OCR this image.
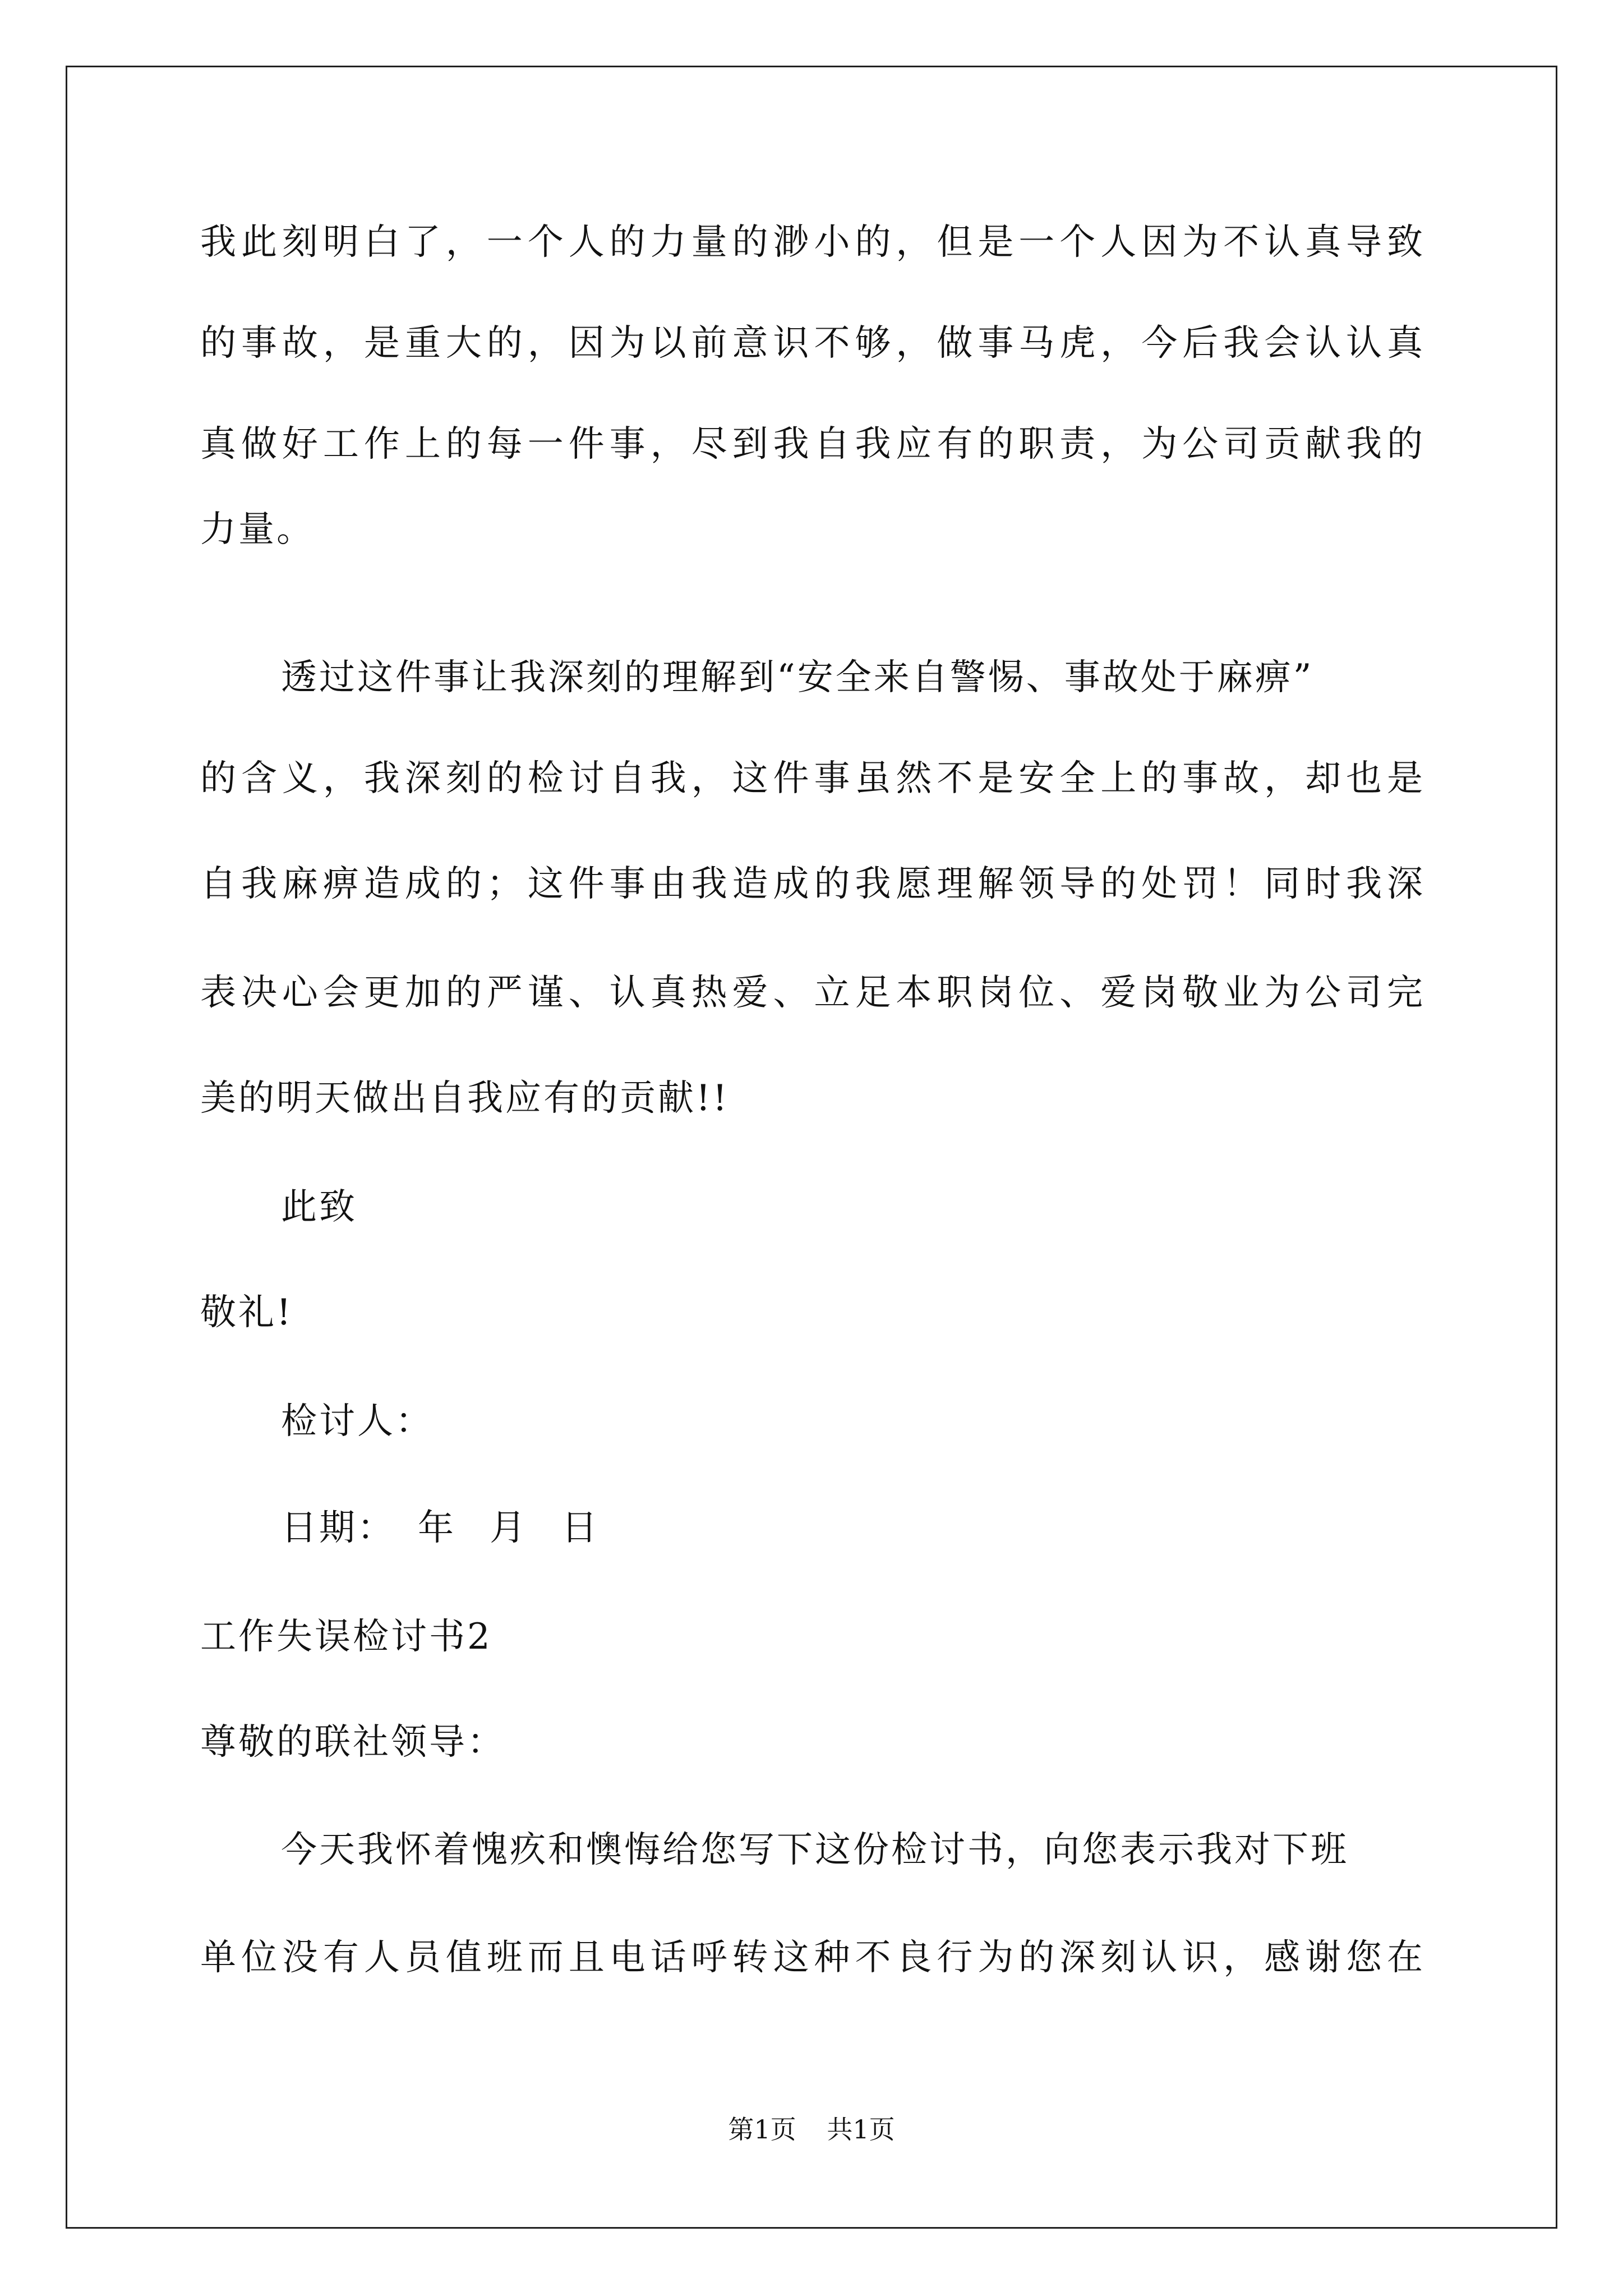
我此刻明白了，一个人的力量的渺小的，但是一个人因为不认真导致

的事故，是重大的，因为以前意识不够，做事马虎，今后我会认认真

真做好工作上的每一件事，尽到我自我应有的职责，为公司贡献我的

力量。

透过这件事让我深刻的理解到“安全来自警惕、事故处于麻痹”

的含义，我深刻的检讨自我，这件事虽然不是安全上的事故，却也是

自我麻痹造成的；这件事由我造成的我愿理解领导的处罚！同时我深

表决心会更加的严谨、认真热爱、立足本职岗位、爱岗敬业为公司完

美的明天做出自我应有的贡献!!

此致

敬礼!

检讨人：

日期： 年 月 日

工作失误检讨书2

尊敬的联社领导：

今天我怀着愧疚和懊悔给您写下这份检讨书，向您表示我对下班

单位没有人员值班而且电话呼转这种不良行为的深刻认识，感谢您在

第1页 共1页
